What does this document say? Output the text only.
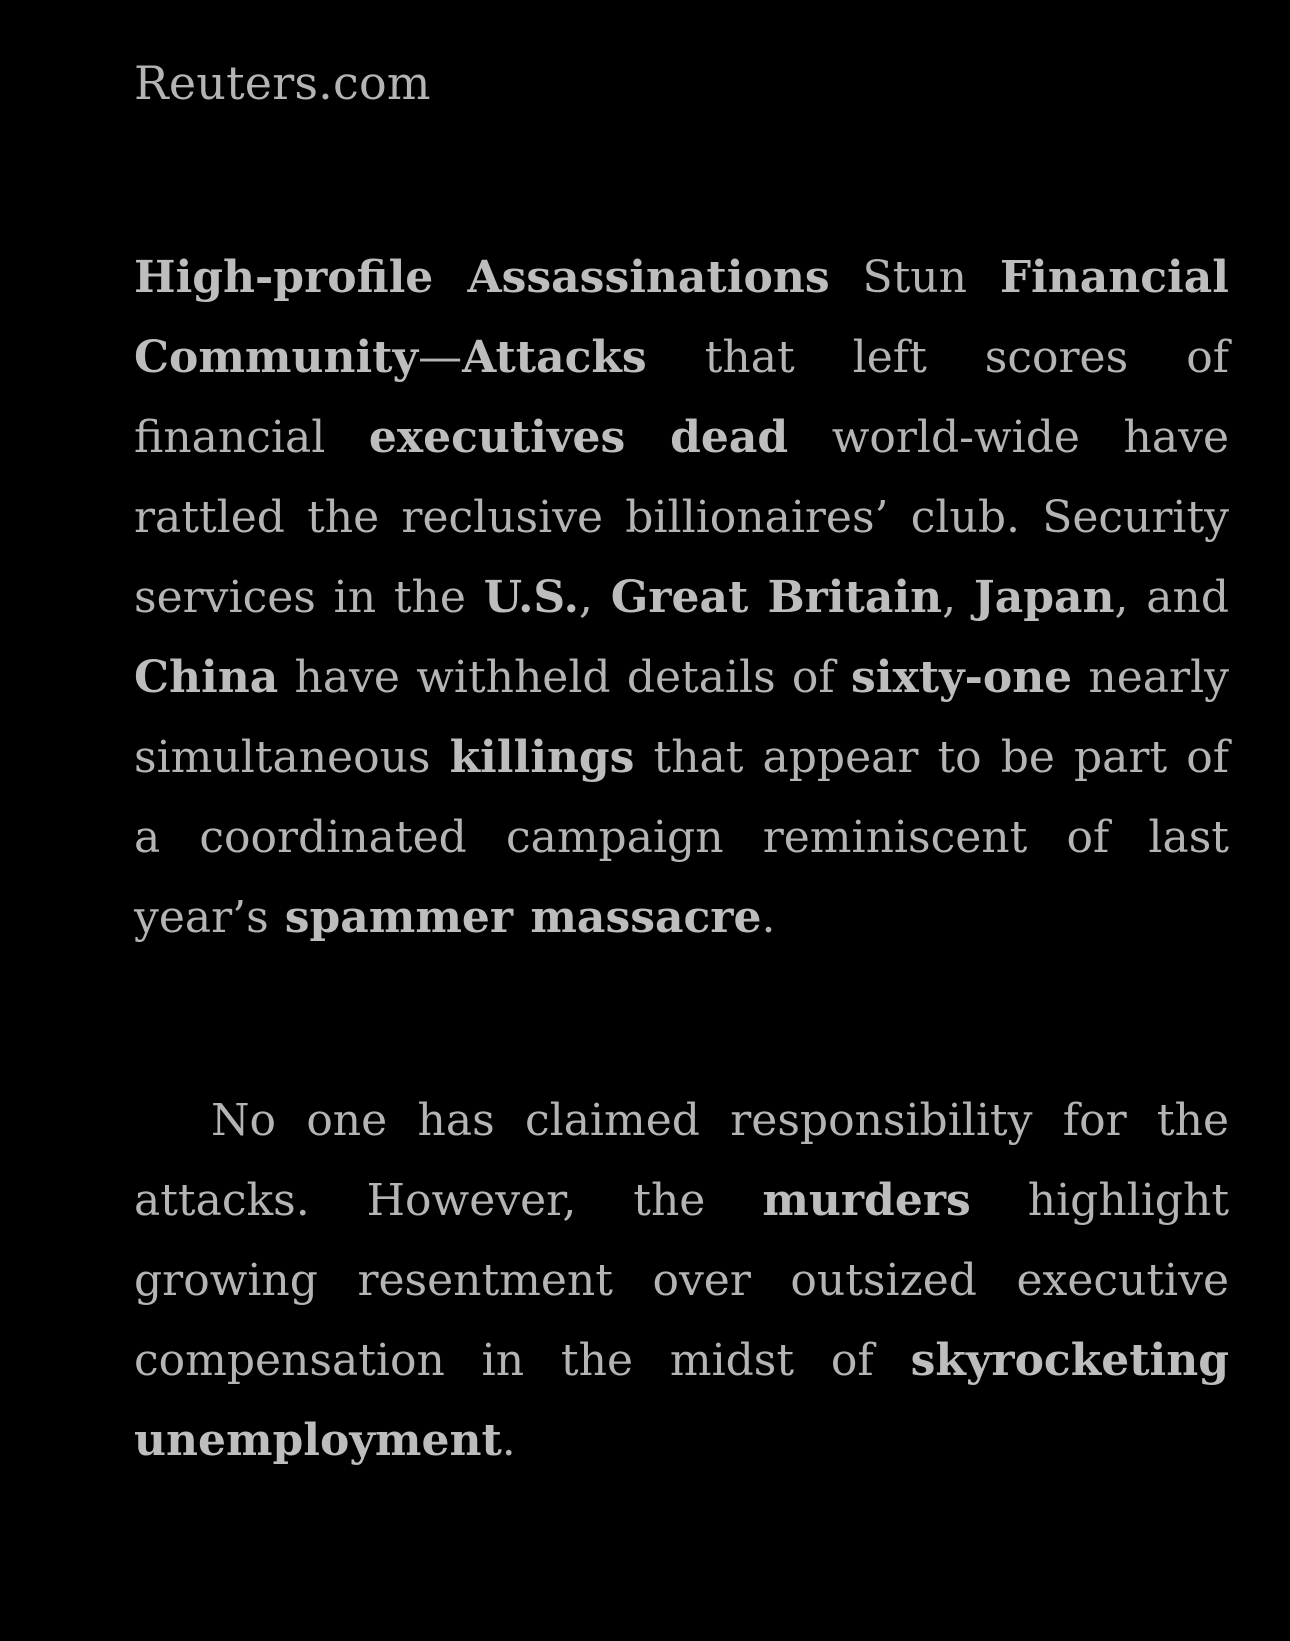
Reuters.com

High-profile Assassinations Stun Financial Community—Attacks that left scores of financial executives dead world-wide have rattled the reclusive billionaires’ club. Security services in the U.S., Great Britain, Japan, and China have withheld details of sixty-one nearly simultaneous killings that appear to be part of a coordinated campaign reminiscent of last year’s spammer massacre.

No one has claimed responsibility for the attacks. However, the murders highlight growing resentment over outsized executive compensation in the midst of skyrocketing unemployment.
